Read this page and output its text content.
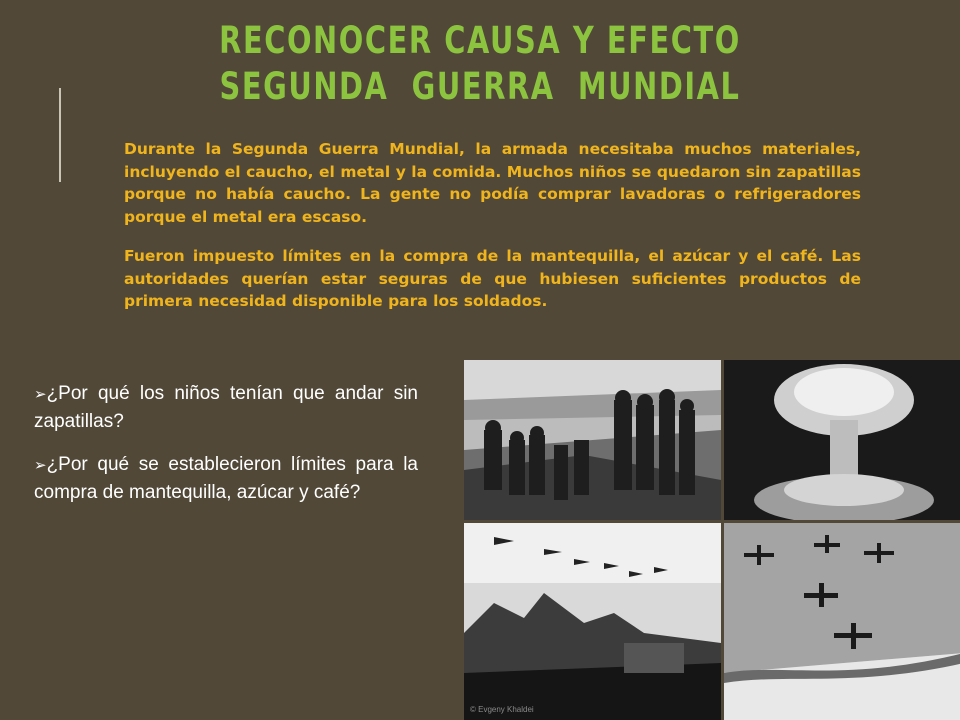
RECONOCER CAUSA Y EFECTO
SEGUNDA  GUERRA  MUNDIAL
Durante la Segunda Guerra Mundial, la armada necesitaba muchos materiales, incluyendo el caucho, el metal y la comida. Muchos niños se quedaron sin zapatillas porque no había caucho. La gente no podía comprar lavadoras o refrigeradores porque el metal era escaso.
Fueron impuesto límites en la compra de la mantequilla, el azúcar y el café. Las autoridades querían estar seguras de que hubiesen suficientes productos de primera necesidad disponible para los soldados.
➢¿Por qué los niños tenían que andar sin zapatillas?
➢¿Por qué se establecieron límites para la compra de mantequilla, azúcar y café?
© Evgeny Khaldei
